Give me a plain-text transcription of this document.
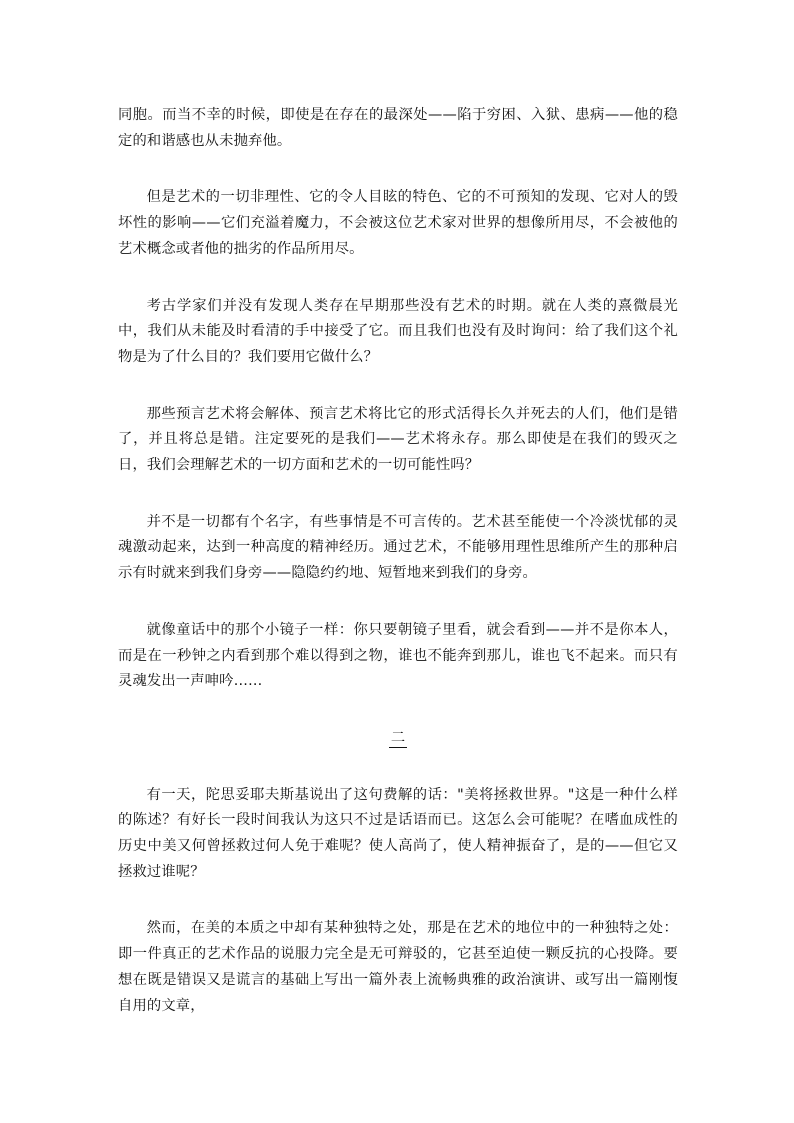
同胞。而当不幸的时候，即使是在存在的最深处——陷于穷困、入狱、患病——他的稳定的和谐感也从未抛弃他。

但是艺术的一切非理性、它的令人目眩的特色、它的不可预知的发现、它对人的毁坏性的影响——它们充溢着魔力，不会被这位艺术家对世界的想像所用尽，不会被他的艺术概念或者他的拙劣的作品所用尽。

考古学家们并没有发现人类存在早期那些没有艺术的时期。就在人类的熹微晨光中，我们从未能及时看清的手中接受了它。而且我们也没有及时询问：给了我们这个礼物是为了什么目的？我们要用它做什么？

那些预言艺术将会解体、预言艺术将比它的形式活得长久并死去的人们，他们是错了，并且将总是错。注定要死的是我们——艺术将永存。那么即使是在我们的毁灭之日，我们会理解艺术的一切方面和艺术的一切可能性吗？

并不是一切都有个名字，有些事情是不可言传的。艺术甚至能使一个冷淡忧郁的灵魂激动起来，达到一种高度的精神经历。通过艺术，不能够用理性思维所产生的那种启示有时就来到我们身旁——隐隐约约地、短暂地来到我们的身旁。

就像童话中的那个小镜子一样：你只要朝镜子里看，就会看到——并不是你本人，而是在一秒钟之内看到那个难以得到之物，谁也不能奔到那儿，谁也飞不起来。而只有灵魂发出一声呻吟……

二

有一天，陀思妥耶夫斯基说出了这句费解的话："美将拯救世界。"这是一种什么样的陈述？有好长一段时间我认为这只不过是话语而已。这怎么会可能呢？在嗜血成性的历史中美又何曾拯救过何人免于难呢？使人高尚了，使人精神振奋了，是的——但它又拯救过谁呢？

然而，在美的本质之中却有某种独特之处，那是在艺术的地位中的一种独特之处：即一件真正的艺术作品的说服力完全是无可辩驳的，它甚至迫使一颗反抗的心投降。要想在既是错误又是谎言的基础上写出一篇外表上流畅典雅的政治演讲、或写出一篇刚愎自用的文章，
